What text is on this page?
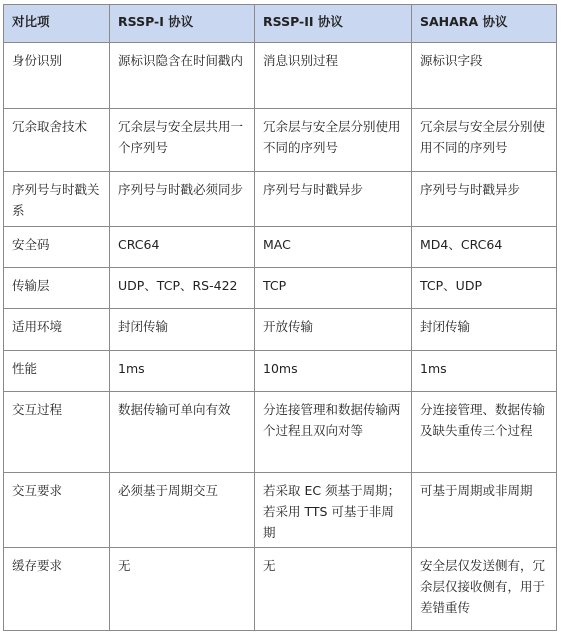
对比项	RSSP-I 协议	RSSP-II 协议	SAHARA 协议
身份识别	源标识隐含在时间戳内	消息识别过程	源标识字段
冗余取舍技术	冗余层与安全层共用一个序列号	冗余层与安全层分别使用不同的序列号	冗余层与安全层分别使用不同的序列号
序列号与时戳关系	序列号与时戳必须同步	序列号与时戳异步	序列号与时戳异步
安全码	CRC64	MAC	MD4、CRC64
传输层	UDP、TCP、RS-422	TCP	TCP、UDP
适用环境	封闭传输	开放传输	封闭传输
性能	1ms	10ms	1ms
交互过程	数据传输可单向有效	分连接管理和数据传输两个过程且双向对等	分连接管理、数据传输及缺失重传三个过程
交互要求	必须基于周期交互	若采取 EC 须基于周期；若采用 TTS 可基于非周期	可基于周期或非周期
缓存要求	无	无	安全层仅发送侧有，冗余层仅接收侧有，用于差错重传
